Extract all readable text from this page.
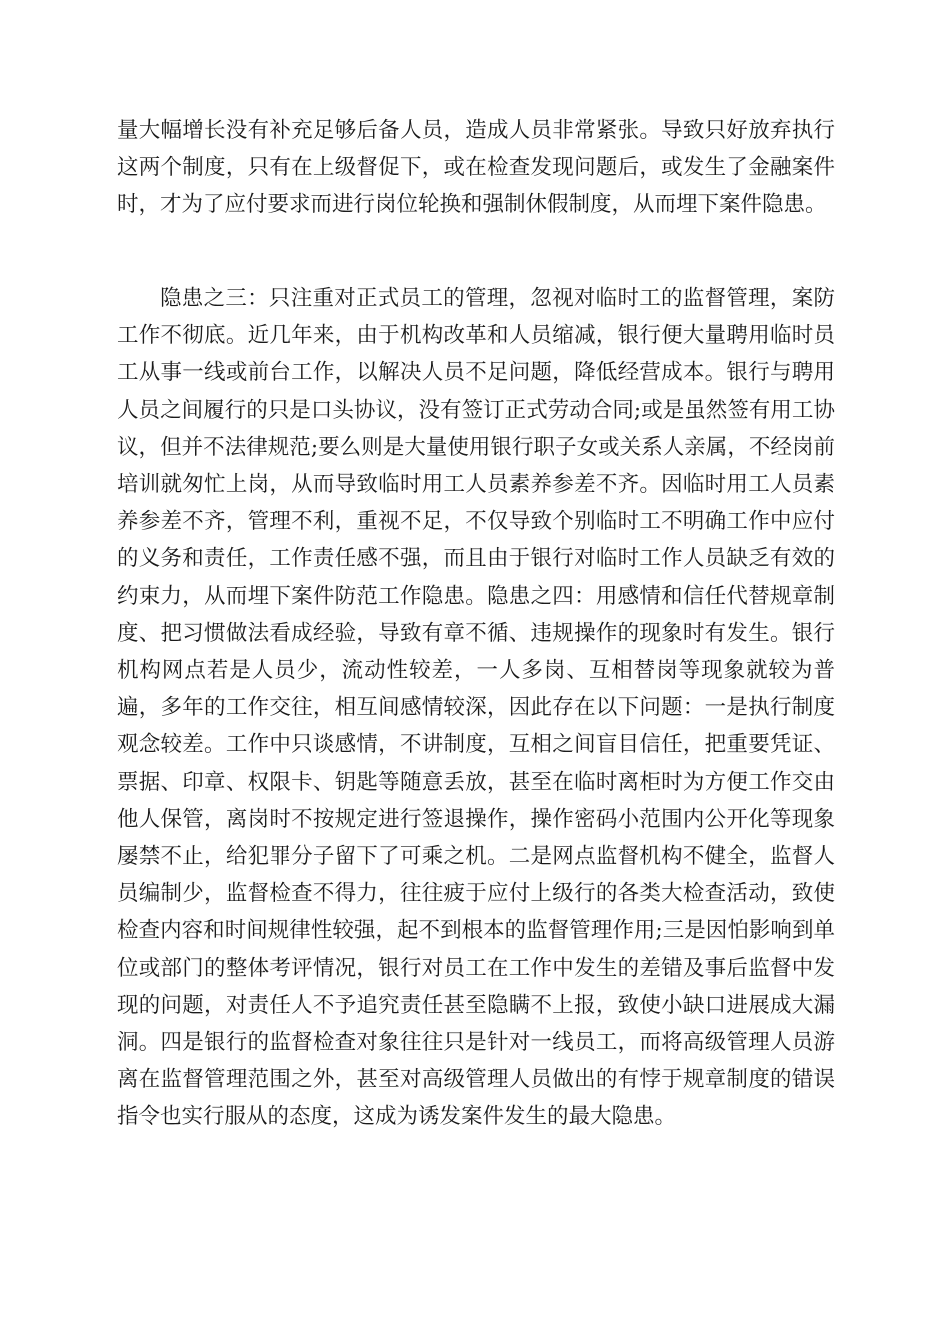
量大幅增长没有补充足够后备人员，造成人员非常紧张。导致只好放弃执行这两个制度，只有在上级督促下，或在检查发现问题后，或发生了金融案件时，才为了应付要求而进行岗位轮换和强制休假制度，从而埋下案件隐患。

隐患之三：只注重对正式员工的管理，忽视对临时工的监督管理，案防工作不彻底。近几年来，由于机构改革和人员缩减，银行便大量聘用临时员工从事一线或前台工作，以解决人员不足问题，降低经营成本。银行与聘用人员之间履行的只是口头协议，没有签订正式劳动合同;或是虽然签有用工协议，但并不法律规范;要么则是大量使用银行职子女或关系人亲属，不经岗前培训就匆忙上岗，从而导致临时用工人员素养参差不齐。因临时用工人员素养参差不齐，管理不利，重视不足，不仅导致个别临时工不明确工作中应付的义务和责任，工作责任感不强，而且由于银行对临时工作人员缺乏有效的约束力，从而埋下案件防范工作隐患。隐患之四：用感情和信任代替规章制度、把习惯做法看成经验，导致有章不循、违规操作的现象时有发生。银行机构网点若是人员少，流动性较差，一人多岗、互相替岗等现象就较为普遍，多年的工作交往，相互间感情较深，因此存在以下问题：一是执行制度观念较差。工作中只谈感情，不讲制度，互相之间盲目信任，把重要凭证、票据、印章、权限卡、钥匙等随意丢放，甚至在临时离柜时为方便工作交由他人保管，离岗时不按规定进行签退操作，操作密码小范围内公开化等现象屡禁不止，给犯罪分子留下了可乘之机。二是网点监督机构不健全，监督人员编制少，监督检查不得力，往往疲于应付上级行的各类大检查活动，致使检查内容和时间规律性较强，起不到根本的监督管理作用;三是因怕影响到单位或部门的整体考评情况，银行对员工在工作中发生的差错及事后监督中发现的问题，对责任人不予追究责任甚至隐瞒不上报，致使小缺口进展成大漏洞。四是银行的监督检查对象往往只是针对一线员工，而将高级管理人员游离在监督管理范围之外，甚至对高级管理人员做出的有悖于规章制度的错误指令也实行服从的态度，这成为诱发案件发生的最大隐患。
